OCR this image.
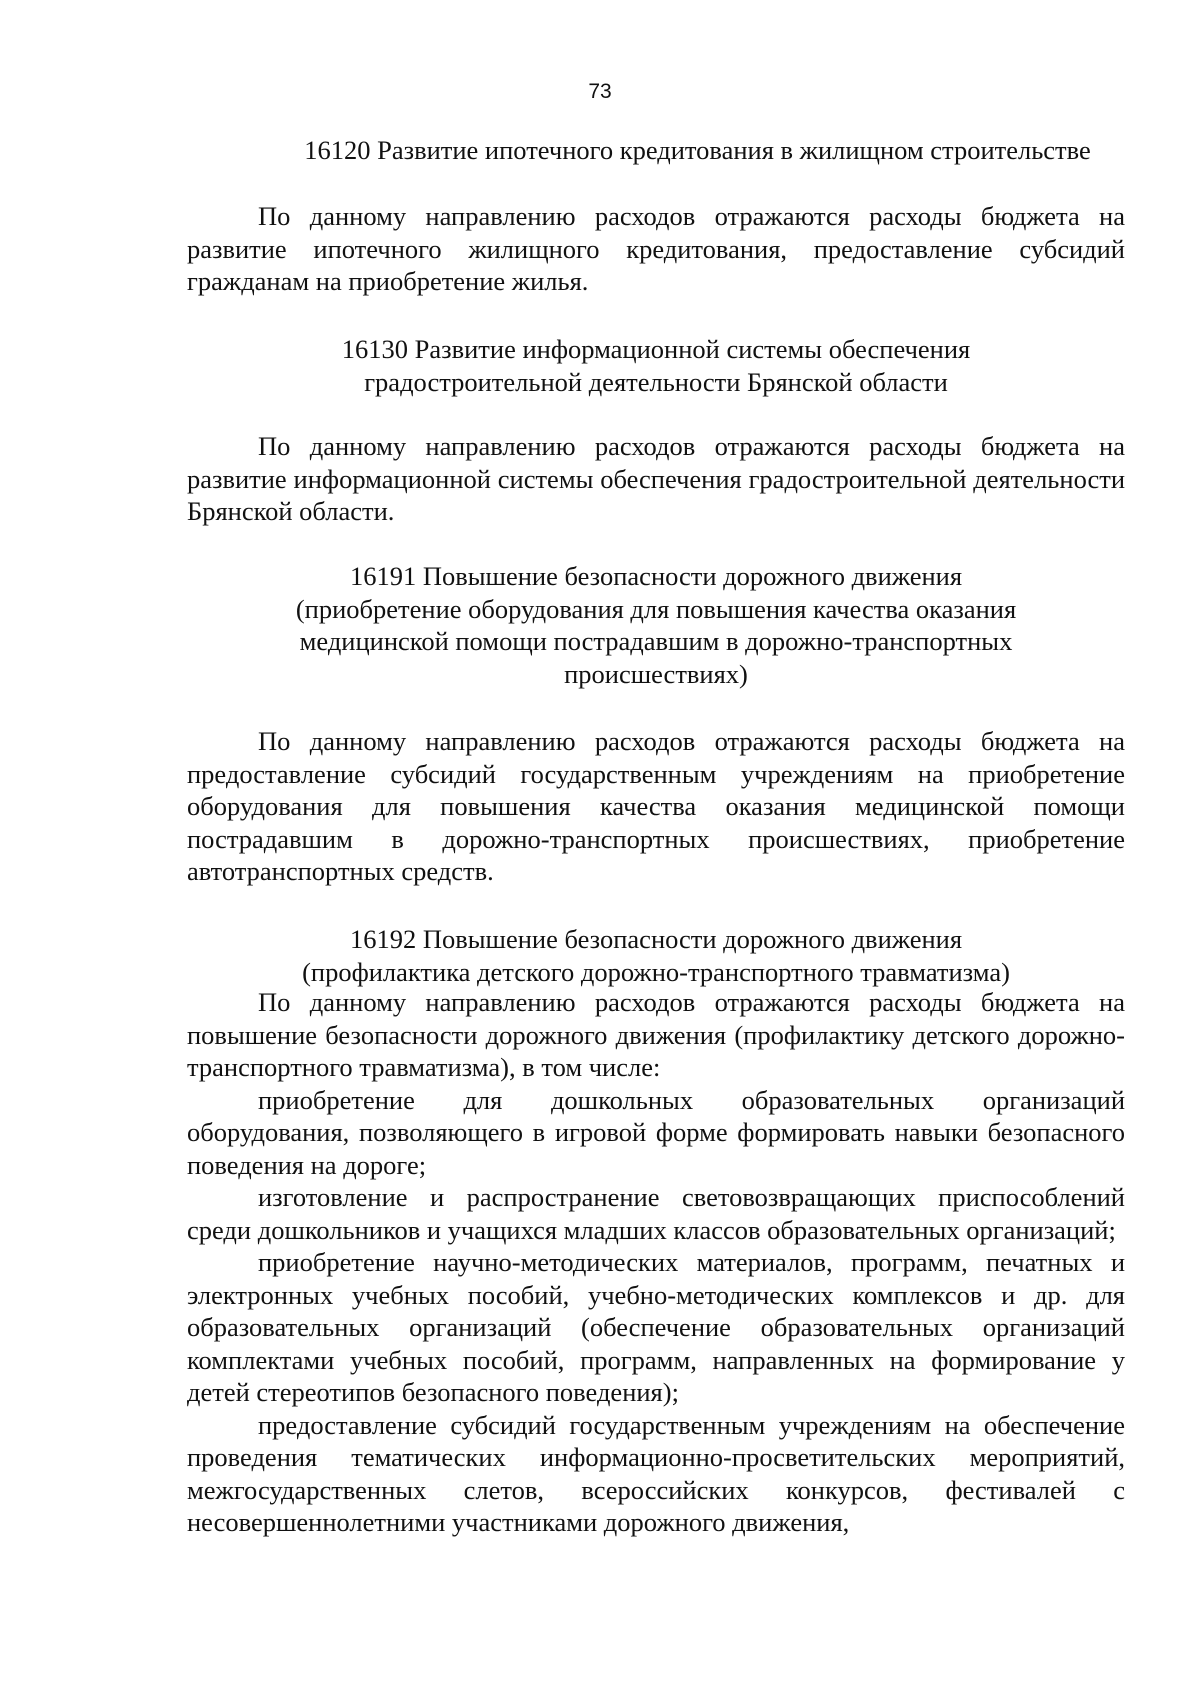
73
16120 Развитие ипотечного кредитования в жилищном строительстве

По данному направлению расходов отражаются расходы бюджета на развитие ипотечного жилищного кредитования, предоставление субсидий гражданам на приобретение жилья.

16130 Развитие информационной системы обеспечения
градостроительной деятельности Брянской области

По данному направлению расходов отражаются расходы бюджета на развитие информационной системы обеспечения градостроительной деятельности Брянской области.

16191 Повышение безопасности дорожного движения
(приобретение оборудования для повышения качества оказания
медицинской помощи пострадавшим в дорожно-транспортных
происшествиях)

По данному направлению расходов отражаются расходы бюджета на предоставление субсидий государственным учреждениям на приобретение оборудования для повышения качества оказания медицинской помощи пострадавшим в дорожно-транспортных происшествиях, приобретение автотранспортных средств.

16192 Повышение безопасности дорожного движения
(профилактика детского дорожно-транспортного травматизма)

По данному направлению расходов отражаются расходы бюджета на повышение безопасности дорожного движения (профилактику детского дорожно-транспортного травматизма), в том числе:

приобретение для дошкольных образовательных организаций оборудования, позволяющего в игровой форме формировать навыки безопасного поведения на дороге;

изготовление и распространение световозвращающих приспособлений среди дошкольников и учащихся младших классов образовательных организаций;

приобретение научно-методических материалов, программ, печатных и электронных учебных пособий, учебно-методических комплексов и др. для образовательных организаций (обеспечение образовательных организаций комплектами учебных пособий, программ, направленных на формирование у детей стереотипов безопасного поведения);

предоставление субсидий государственным учреждениям на обеспечение проведения тематических информационно-просветительских мероприятий, межгосударственных слетов, всероссийских конкурсов, фестивалей с несовершеннолетними участниками дорожного движения,
